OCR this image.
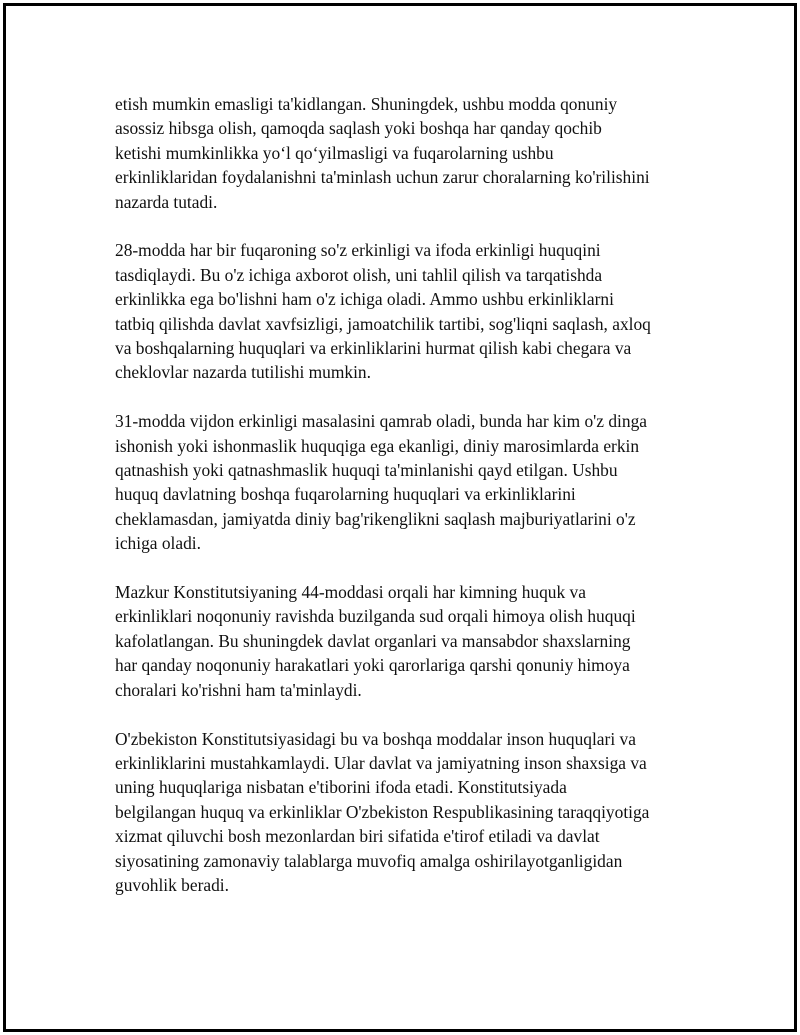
etish mumkin emasligi ta'kidlangan. Shuningdek, ushbu modda qonuniy
asossiz hibsga olish, qamoqda saqlash yoki boshqa har qanday qochib
ketishi mumkinlikka yoʻl qoʻyilmasligi va fuqarolarning ushbu
erkinliklaridan foydalanishni ta'minlash uchun zarur choralarning ko'rilishini
nazarda tutadi.

28-modda har bir fuqaroning so'z erkinligi va ifoda erkinligi huquqini
tasdiqlaydi. Bu o'z ichiga axborot olish, uni tahlil qilish va tarqatishda
erkinlikka ega bo'lishni ham o'z ichiga oladi. Ammo ushbu erkinliklarni
tatbiq qilishda davlat xavfsizligi, jamoatchilik tartibi, sog'liqni saqlash, axloq
va boshqalarning huquqlari va erkinliklarini hurmat qilish kabi chegara va
cheklovlar nazarda tutilishi mumkin.

31-modda vijdon erkinligi masalasini qamrab oladi, bunda har kim o'z dinga
ishonish yoki ishonmaslik huquqiga ega ekanligi, diniy marosimlarda erkin
qatnashish yoki qatnashmaslik huquqi ta'minlanishi qayd etilgan. Ushbu
huquq davlatning boshqa fuqarolarning huquqlari va erkinliklarini
cheklamasdan, jamiyatda diniy bag'rikenglikni saqlash majburiyatlarini o'z
ichiga oladi.

Mazkur Konstitutsiyaning 44-moddasi orqali har kimning huquk va
erkinliklari noqonuniy ravishda buzilganda sud orqali himoya olish huquqi
kafolatlangan. Bu shuningdek davlat organlari va mansabdor shaxslarning
har qanday noqonuniy harakatlari yoki qarorlariga qarshi qonuniy himoya
choralari ko'rishni ham ta'minlaydi.

O'zbekiston Konstitutsiyasidagi bu va boshqa moddalar inson huquqlari va
erkinliklarini mustahkamlaydi. Ular davlat va jamiyatning inson shaxsiga va
uning huquqlariga nisbatan e'tiborini ifoda etadi. Konstitutsiyada
belgilangan huquq va erkinliklar O'zbekiston Respublikasining taraqqiyotiga
xizmat qiluvchi bosh mezonlardan biri sifatida e'tirof etiladi va davlat
siyosatining zamonaviy talablarga muvofiq amalga oshirilayotganligidan
guvohlik beradi.
